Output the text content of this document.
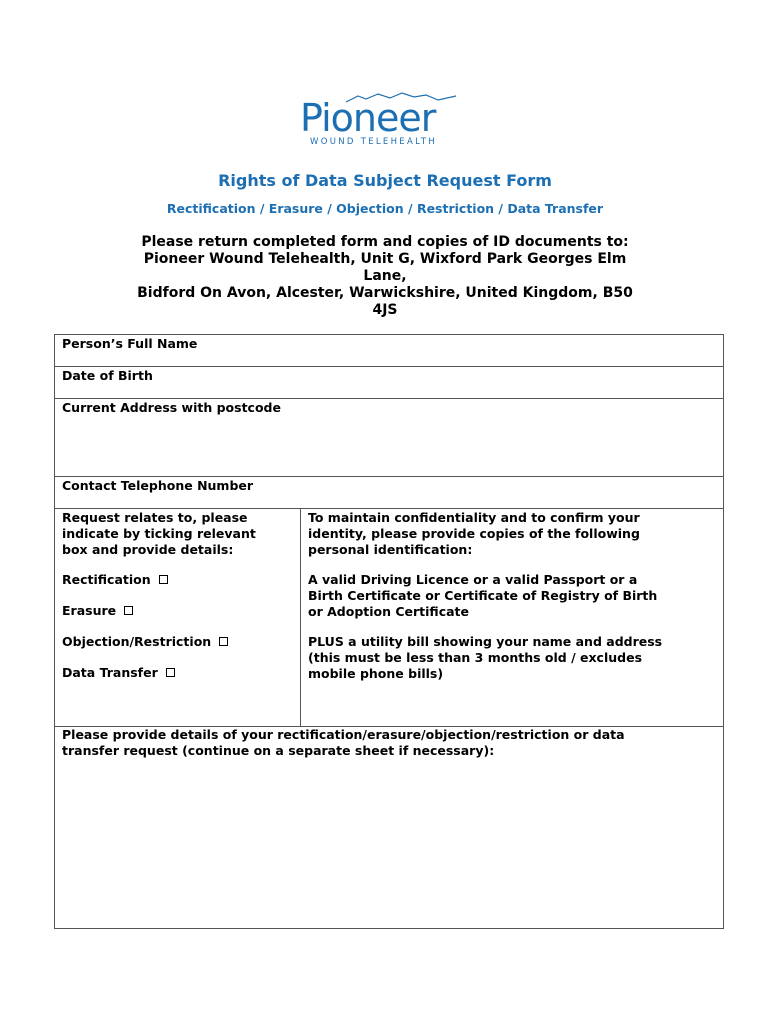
Pioneer
WOUND TELEHEALTH
Rights of Data Subject Request Form
Rectification / Erasure / Objection / Restriction / Data Transfer
Please return completed form and copies of ID documents to:
Pioneer Wound Telehealth, Unit G, Wixford Park Georges Elm
Lane,
Bidford On Avon, Alcester, Warwickshire, United Kingdom, B50
4JS
Person’s Full Name
Date of Birth
Current Address with postcode
Contact Telephone Number
Request relates to, please
indicate by ticking relevant
box and provide details:
Rectification
Erasure
Objection/Restriction
Data Transfer
To maintain confidentiality and to confirm your
identity, please provide copies of the following
personal identification:
A valid Driving Licence or a valid Passport or a
Birth Certificate or Certificate of Registry of Birth
or Adoption Certificate
PLUS a utility bill showing your name and address
(this must be less than 3 months old / excludes
mobile phone bills)
Please provide details of your rectification/erasure/objection/restriction or data
transfer request (continue on a separate sheet if necessary):
